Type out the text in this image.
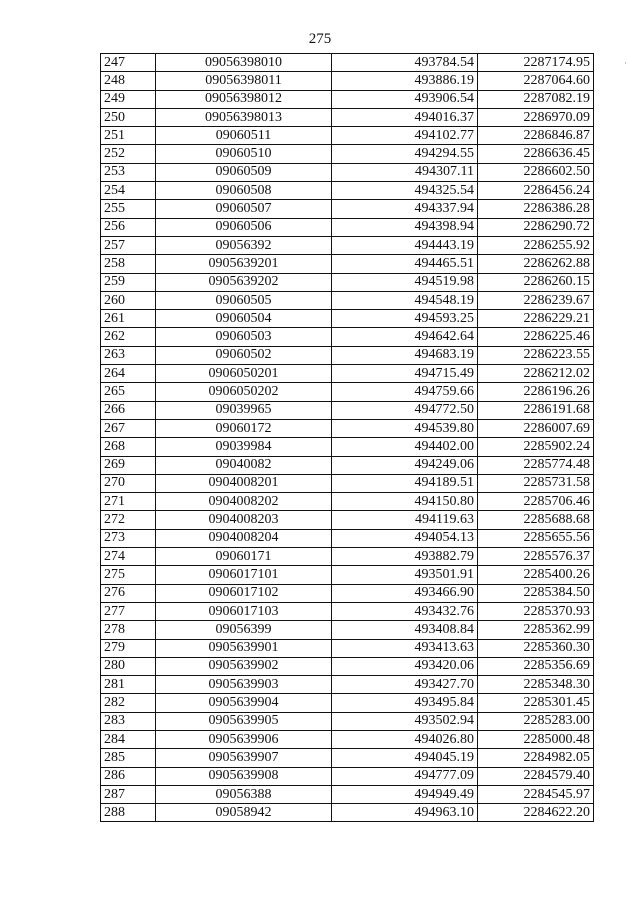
275
·
247	09056398010	493784.54	2287174.95
248	09056398011	493886.19	2287064.60
249	09056398012	493906.54	2287082.19
250	09056398013	494016.37	2286970.09
251	09060511	494102.77	2286846.87
252	09060510	494294.55	2286636.45
253	09060509	494307.11	2286602.50
254	09060508	494325.54	2286456.24
255	09060507	494337.94	2286386.28
256	09060506	494398.94	2286290.72
257	09056392	494443.19	2286255.92
258	0905639201	494465.51	2286262.88
259	0905639202	494519.98	2286260.15
260	09060505	494548.19	2286239.67
261	09060504	494593.25	2286229.21
262	09060503	494642.64	2286225.46
263	09060502	494683.19	2286223.55
264	0906050201	494715.49	2286212.02
265	0906050202	494759.66	2286196.26
266	09039965	494772.50	2286191.68
267	09060172	494539.80	2286007.69
268	09039984	494402.00	2285902.24
269	09040082	494249.06	2285774.48
270	0904008201	494189.51	2285731.58
271	0904008202	494150.80	2285706.46
272	0904008203	494119.63	2285688.68
273	0904008204	494054.13	2285655.56
274	09060171	493882.79	2285576.37
275	0906017101	493501.91	2285400.26
276	0906017102	493466.90	2285384.50
277	0906017103	493432.76	2285370.93
278	09056399	493408.84	2285362.99
279	0905639901	493413.63	2285360.30
280	0905639902	493420.06	2285356.69
281	0905639903	493427.70	2285348.30
282	0905639904	493495.84	2285301.45
283	0905639905	493502.94	2285283.00
284	0905639906	494026.80	2285000.48
285	0905639907	494045.19	2284982.05
286	0905639908	494777.09	2284579.40
287	09056388	494949.49	2284545.97
288	09058942	494963.10	2284622.20
